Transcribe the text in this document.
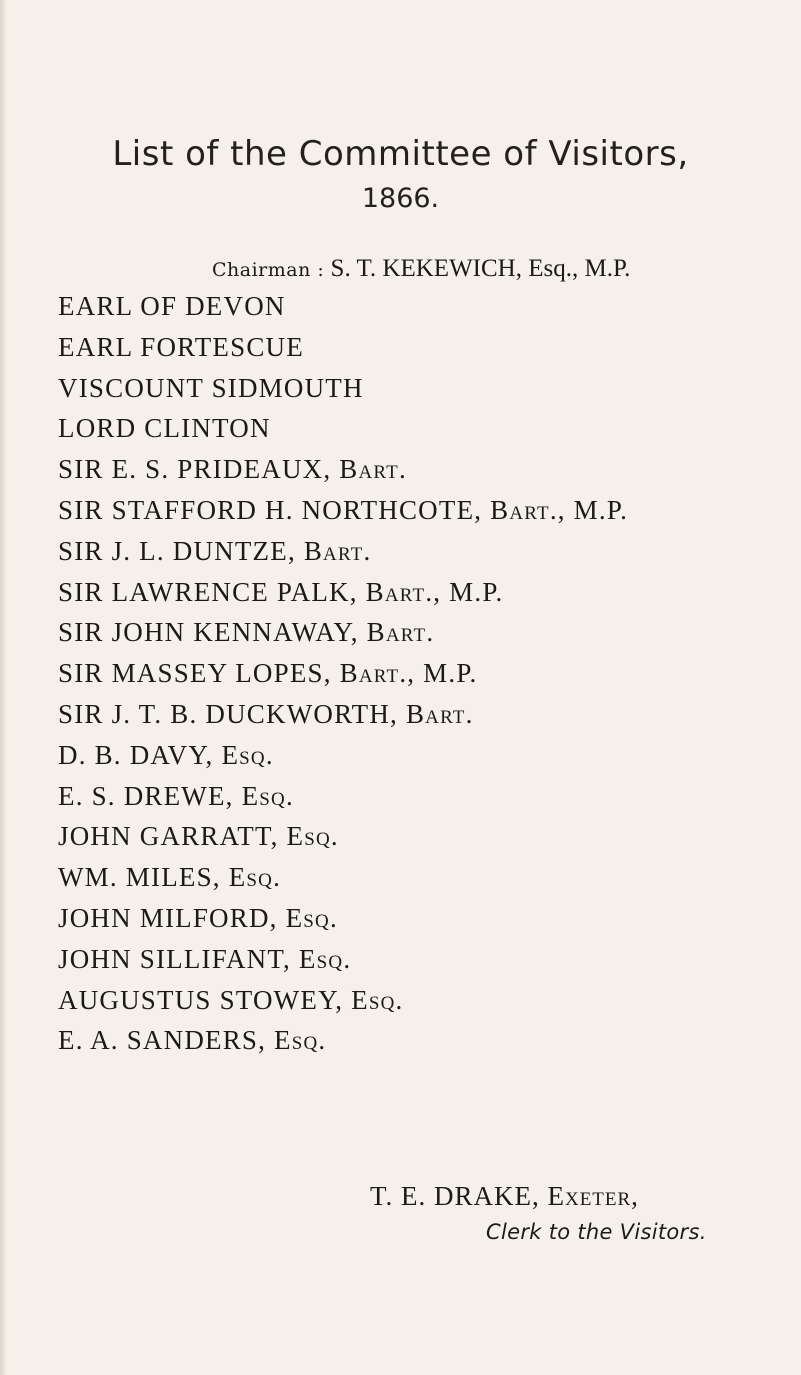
List of the Committee of Visitors,
1866.
Chairman : S. T. KEKEWICH, Esq., M.P.
EARL OF DEVON
EARL FORTESCUE
VISCOUNT SIDMOUTH
LORD CLINTON
SIR E. S. PRIDEAUX, Bart.
SIR STAFFORD H. NORTHCOTE, Bart., M.P.
SIR J. L. DUNTZE, Bart.
SIR LAWRENCE PALK, Bart., M.P.
SIR JOHN KENNAWAY, Bart.
SIR MASSEY LOPES, Bart., M.P.
SIR J. T. B. DUCKWORTH, Bart.
D. B. DAVY, Esq.
E. S. DREWE, Esq.
JOHN GARRATT, Esq.
WM. MILES, Esq.
JOHN MILFORD, Esq.
JOHN SILLIFANT, Esq.
AUGUSTUS STOWEY, Esq.
E. A. SANDERS, Esq.
T. E. DRAKE, Exeter,
Clerk to the Visitors.
